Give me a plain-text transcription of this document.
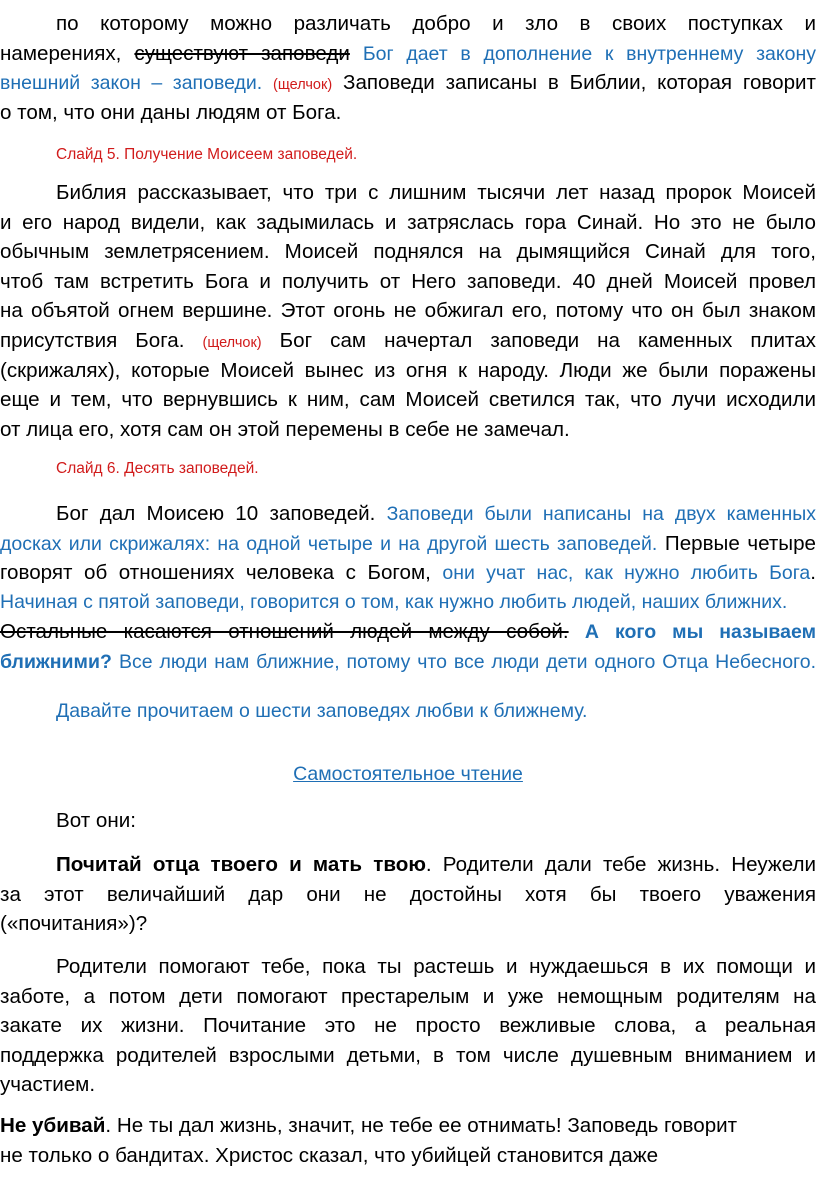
по которому можно различать добро и зло в своих поступках и
намерениях, существуют заповеди Бог дает в дополнение к внутреннему закону
внешний закон – заповеди. (щелчок) Заповеди записаны в Библии, которая говорит
о том, что они даны людям от Бога.
Слайд 5. Получение Моисеем заповедей.
Библия рассказывает, что три с лишним тысячи лет назад пророк Моисей
и его народ видели, как задымилась и затряслась гора Синай. Но это не было
обычным землетрясением. Моисей поднялся на дымящийся Синай для того,
чтоб там встретить Бога и получить от Него заповеди. 40 дней Моисей провел
на объятой огнем вершине. Этот огонь не обжигал его, потому что он был знаком
присутствия Бога. (щелчок) Бог сам начертал заповеди на каменных плитах
(скрижалях), которые Моисей вынес из огня к народу. Люди же были поражены
еще и тем, что вернувшись к ним, сам Моисей светился так, что лучи исходили
от лица его, хотя сам он этой перемены в себе не замечал.
Слайд 6. Десять заповедей.
Бог дал Моисею 10 заповедей. Заповеди были написаны на двух каменных
досках или скрижалях: на одной четыре и на другой шесть заповедей. Первые четыре
говорят об отношениях человека с Богом, они учат нас, как нужно любить Бога.
Начиная с пятой заповеди, говорится о том, как нужно любить людей, наших ближних.
Остальные касаются отношений людей между собой. А кого мы называем
ближними? Все люди нам ближние, потому что все люди дети одного Отца Небесного.
Давайте прочитаем о шести заповедях любви к ближнему.
Самостоятельное чтение
Вот они:
Почитай отца твоего и мать твою. Родители дали тебе жизнь. Неужели
за этот величайший дар они не достойны хотя бы твоего уважения
(«почитания»)?
Родители помогают тебе, пока ты растешь и нуждаешься в их помощи и
заботе, а потом дети помогают престарелым и уже немощным родителям на
закате их жизни. Почитание это не просто вежливые слова, а реальная
поддержка родителей взрослыми детьми, в том числе душевным вниманием и
участием.
Не убивай. Не ты дал жизнь, значит, не тебе ее отнимать! Заповедь говорит
не только о бандитах. Христос сказал, что убийцей становится даже
